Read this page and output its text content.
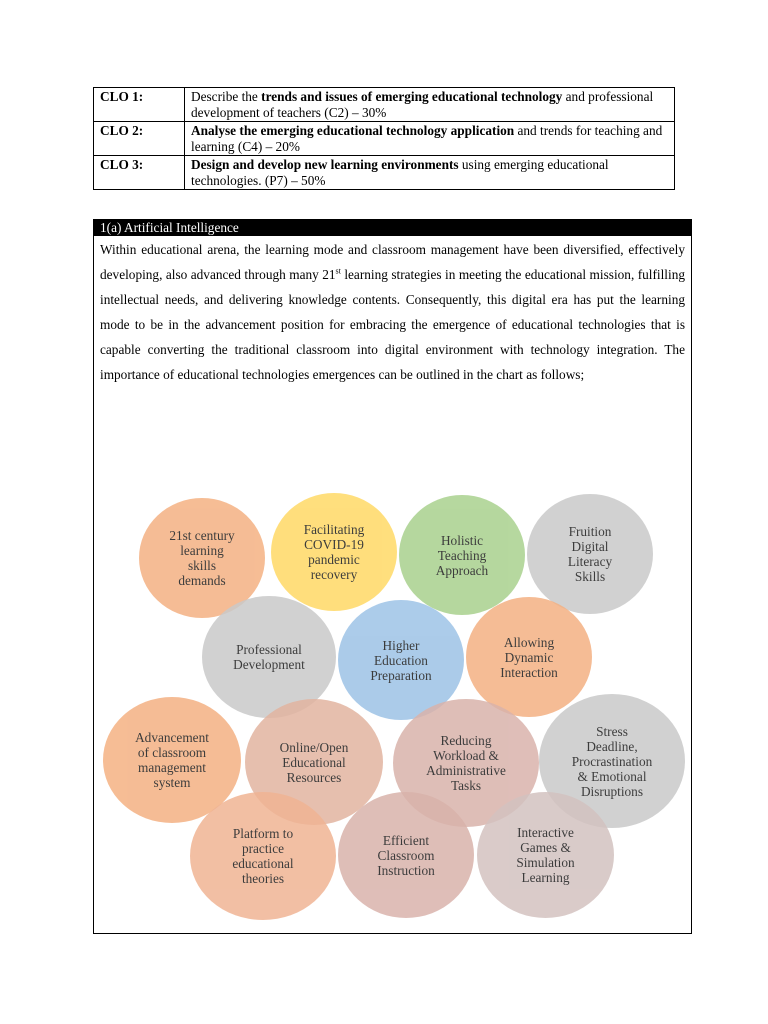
CLO 1:	Describe the trends and issues of emerging educational technology and professional development of teachers (C2) – 30%
CLO 2:	Analyse the emerging educational technology application and trends for teaching and learning (C4) – 20%
CLO 3:	Design and develop new learning environments using emerging educational technologies. (P7) – 50%
1(a) Artificial Intelligence
Within educational arena, the learning mode and classroom management have been diversified, effectively developing, also advanced through many 21st learning strategies in meeting the educational mission, fulfilling intellectual needs, and delivering knowledge contents. Consequently, this digital era has put the learning mode to be in the advancement position for embracing the emergence of educational technologies that is capable converting the traditional classroom into digital environment with technology integration. The importance of educational technologies emergences can be outlined in the chart as follows;
21st century
learning
skills
demands
Facilitating
COVID-19
pandemic
recovery
Holistic
Teaching
Approach
Fruition
Digital
Literacy
Skills
Professional
Development
Higher
Education
Preparation
Allowing
Dynamic
Interaction
Advancement
of classroom
management
system
Online/Open
Educational
Resources
Reducing
Workload &
Administrative
Tasks
Stress
Deadline,
Procrastination
& Emotional
Disruptions
Platform to
practice
educational
theories
Efficient
Classroom
Instruction
Interactive
Games &
Simulation
Learning
